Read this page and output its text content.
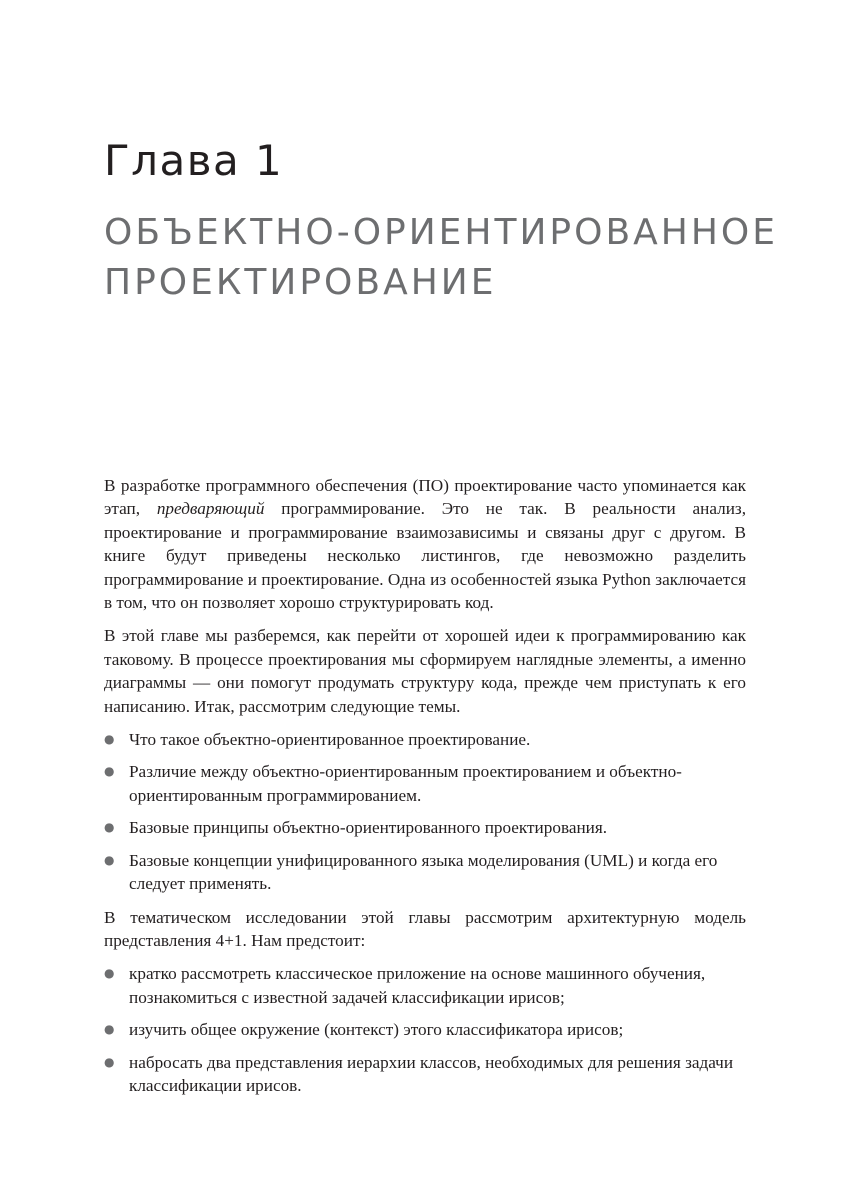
Глава 1
ОБЪЕКТНО-ОРИЕНТИРОВАННОЕ
ПРОЕКТИРОВАНИЕ

В разработке программного обеспечения (ПО) проектирование часто упоминается как этап, предваряющий программирование. Это не так. В реальности анализ, проектирование и программирование взаимозависимы и связаны друг с другом. В книге будут приведены несколько листингов, где невозможно разделить программирование и проектирование. Одна из особенностей языка Python заключается в том, что он позволяет хорошо структурировать код.

В этой главе мы разберемся, как перейти от хорошей идеи к программированию как таковому. В процессе проектирования мы сформируем наглядные элементы, а именно диаграммы — они помогут продумать структуру кода, прежде чем приступать к его написанию. Итак, рассмотрим следующие темы.

● Что такое объектно-ориентированное проектирование.
● Различие между объектно-ориентированным проектированием и объектно-ориентированным программированием.
● Базовые принципы объектно-ориентированного проектирования.
● Базовые концепции унифицированного языка моделирования (UML) и когда его следует применять.

В тематическом исследовании этой главы рассмотрим архитектурную модель представления 4+1. Нам предстоит:

● кратко рассмотреть классическое приложение на основе машинного обучения, познакомиться с известной задачей классификации ирисов;
● изучить общее окружение (контекст) этого классификатора ирисов;
● набросать два представления иерархии классов, необходимых для решения задачи классификации ирисов.
